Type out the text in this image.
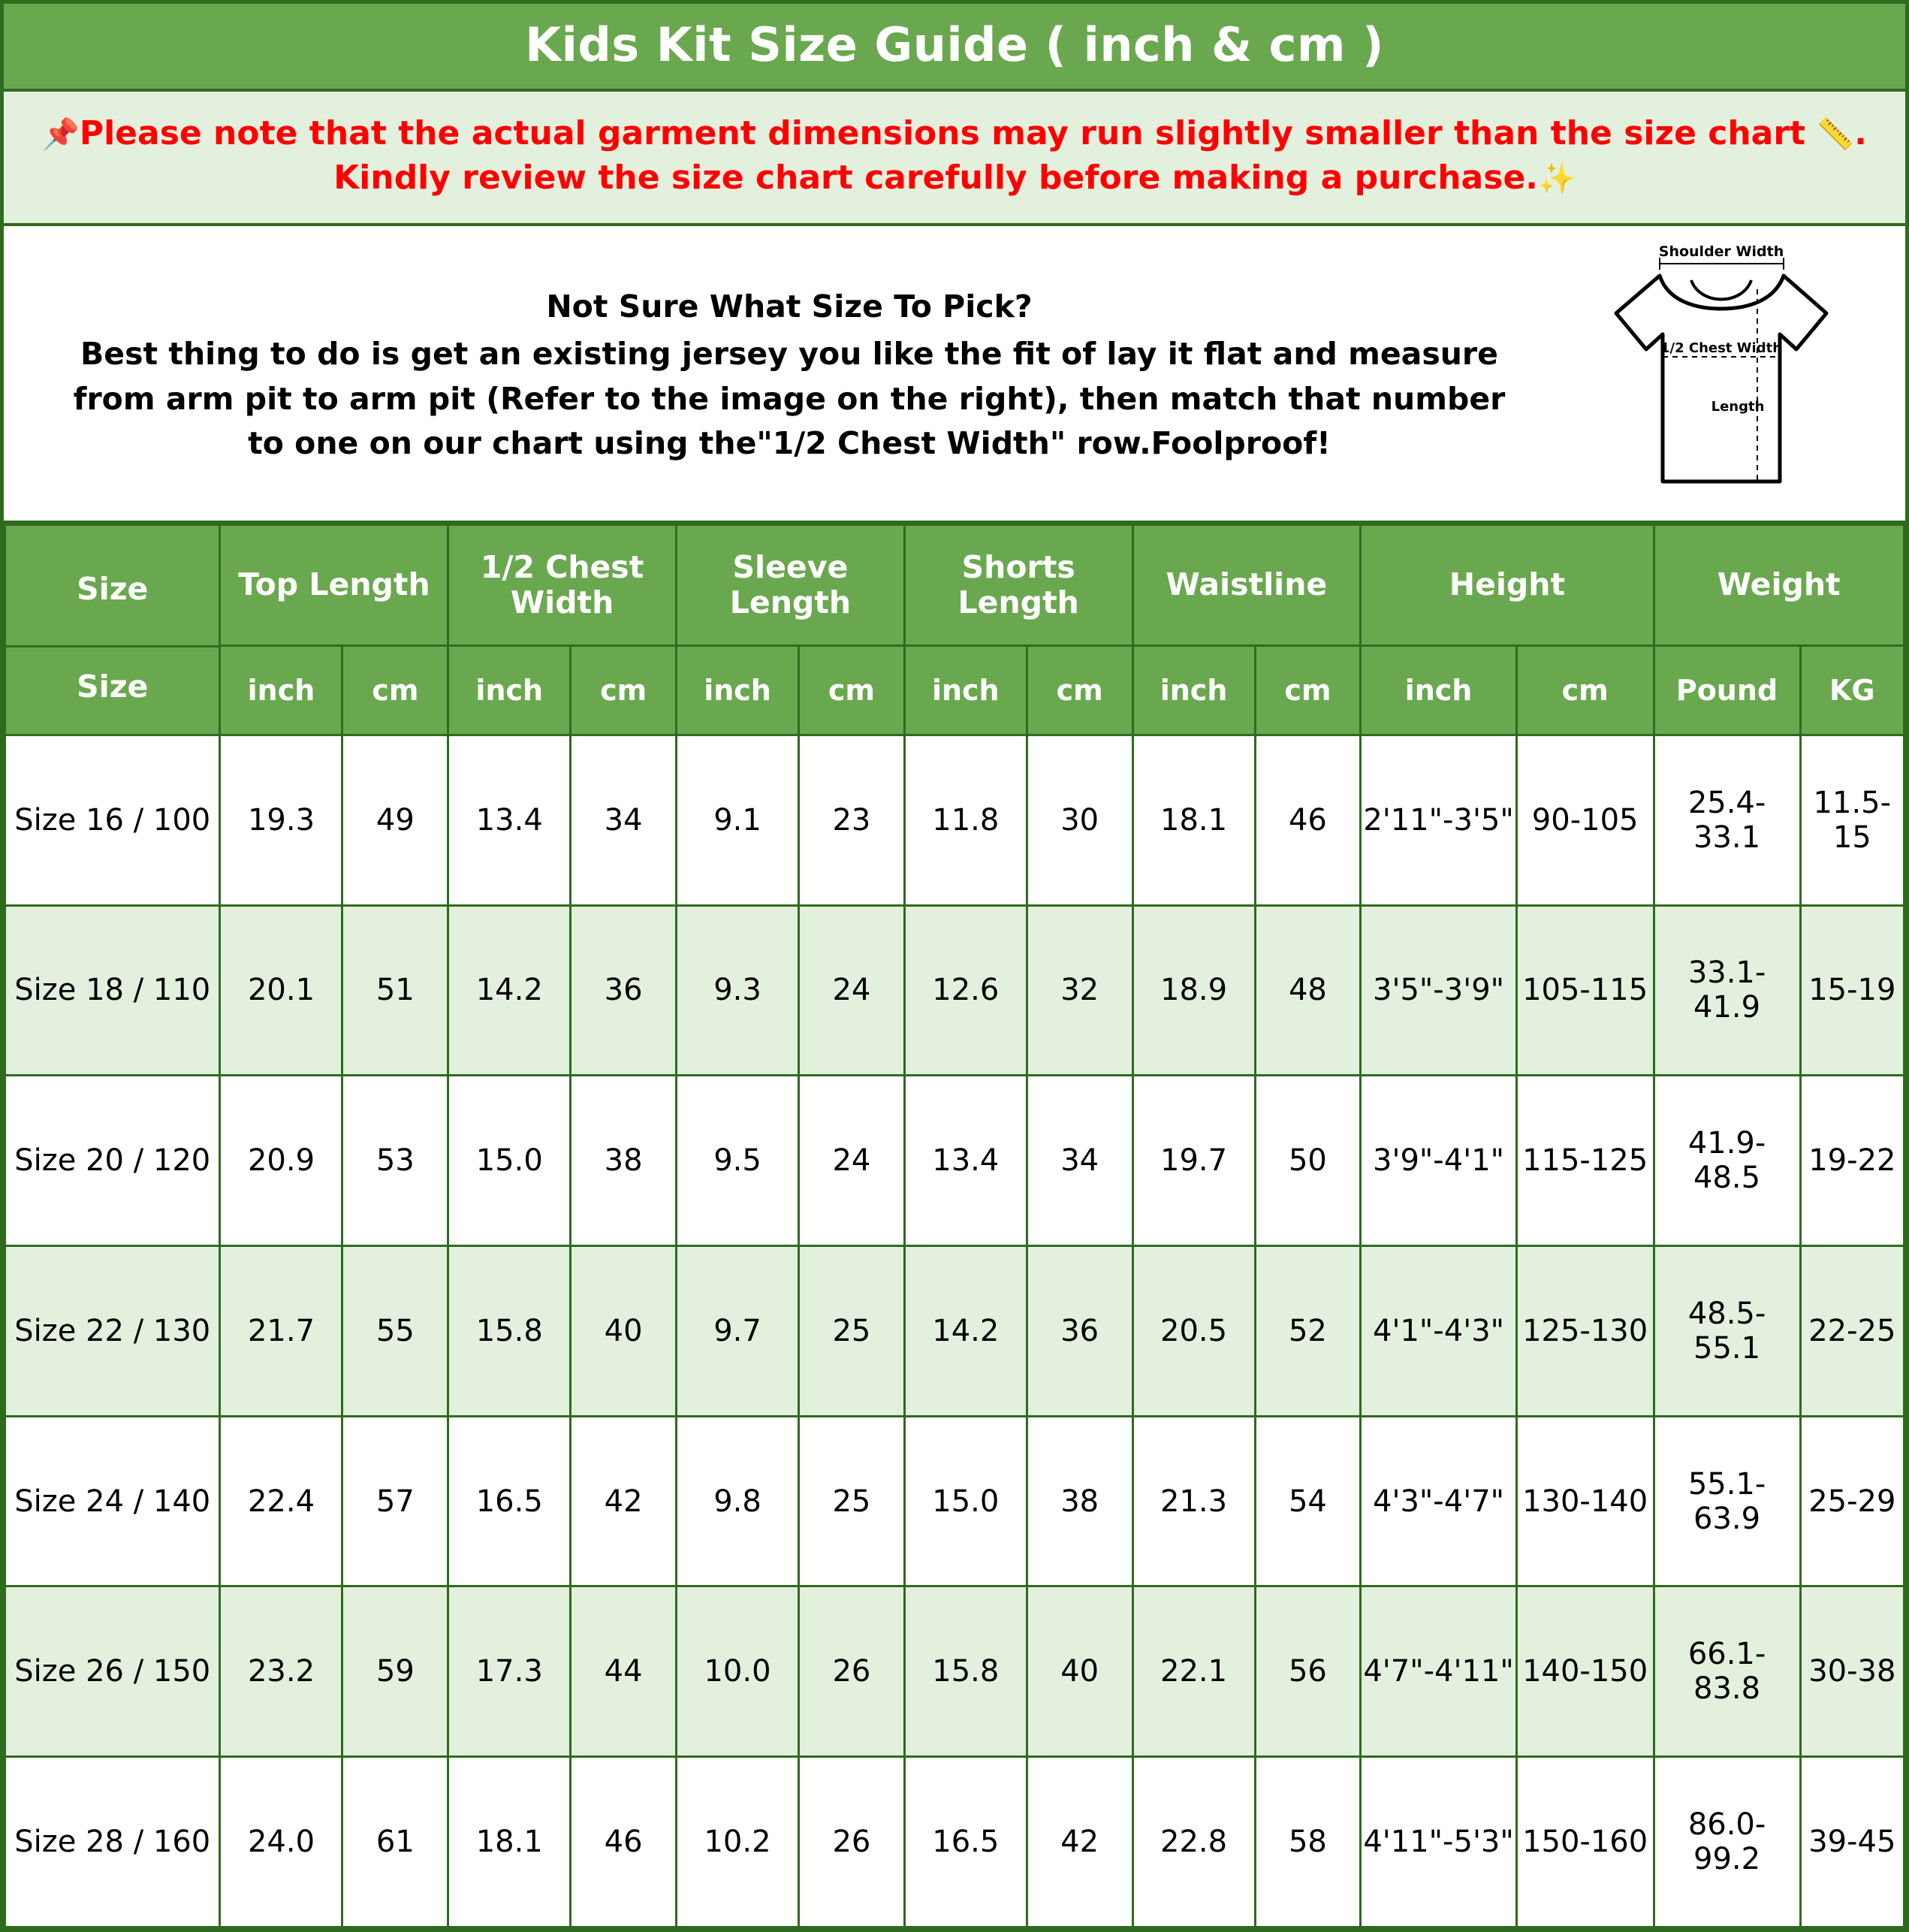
Kids Kit Size Guide ( inch & cm )
📌Please note that the actual garment dimensions may run slightly smaller than the size chart 📏.
Kindly review the size chart carefully before making a purchase.✨
Not Sure What Size To Pick?
Best thing to do is get an existing jersey you like the fit of lay it flat and measure
from arm pit to arm pit (Refer to the image on the right), then match that number
to one on our chart using the"1/2 Chest Width" row.Foolproof!
Shoulder Width
1/2 Chest Width
Length
Size
Size	Top Length		1/2 Chest Width		Sleeve Length		Shorts Length		Waistline		Height		Weight	
	inch	cm	inch	cm	inch	cm	inch	cm	inch	cm	inch	cm	Pound	KG
Size 16 / 100	19.3	49	13.4	34	9.1	23	11.8	30	18.1	46	2'11"-3'5"	90-105	25.4-33.1	11.5-15
Size 18 / 110	20.1	51	14.2	36	9.3	24	12.6	32	18.9	48	3'5"-3'9"	105-115	33.1-41.9	15-19
Size 20 / 120	20.9	53	15.0	38	9.5	24	13.4	34	19.7	50	3'9"-4'1"	115-125	41.9-48.5	19-22
Size 22 / 130	21.7	55	15.8	40	9.7	25	14.2	36	20.5	52	4'1"-4'3"	125-130	48.5-55.1	22-25
Size 24 / 140	22.4	57	16.5	42	9.8	25	15.0	38	21.3	54	4'3"-4'7"	130-140	55.1-63.9	25-29
Size 26 / 150	23.2	59	17.3	44	10.0	26	15.8	40	22.1	56	4'7"-4'11"	140-150	66.1-83.8	30-38
Size 28 / 160	24.0	61	18.1	46	10.2	26	16.5	42	22.8	58	4'11"-5'3"	150-160	86.0-99.2	39-45
